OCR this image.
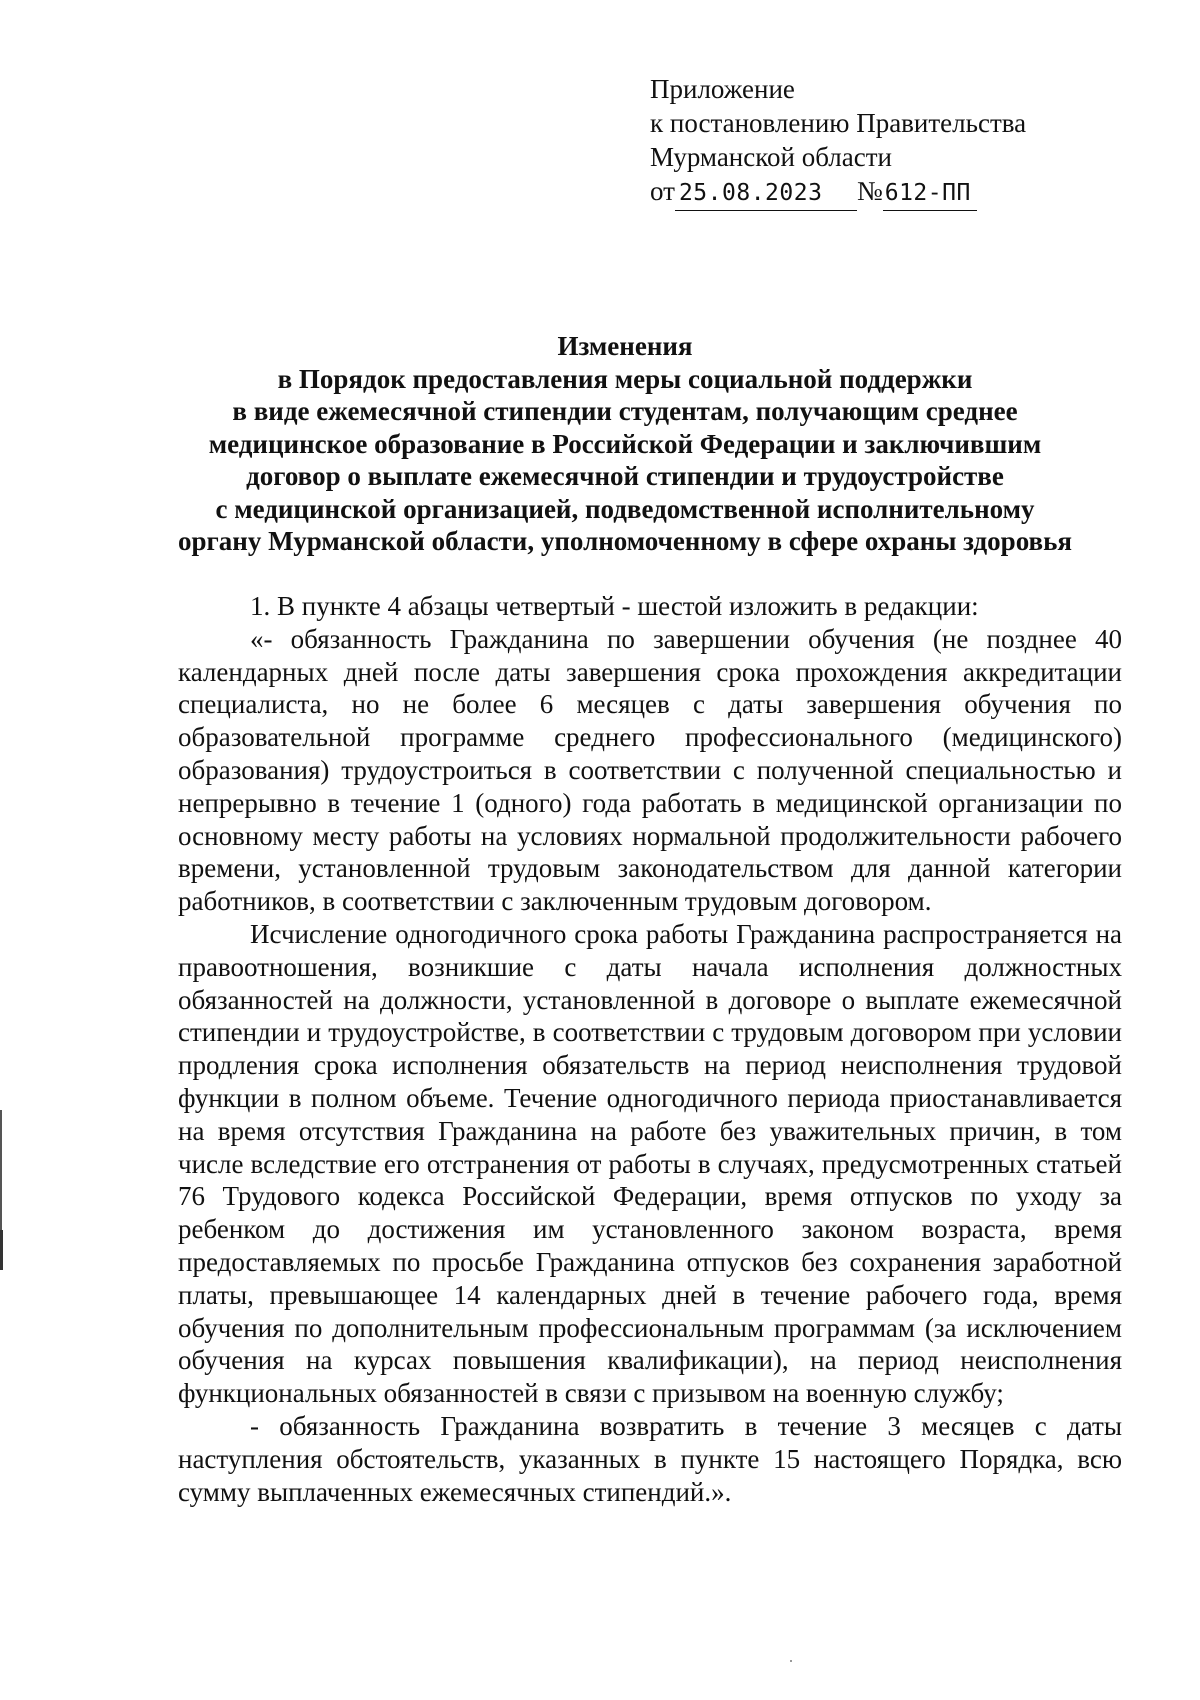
Приложение
к постановлению Правительства
Мурманской области
от 25.08.2023 №612-ПП
Изменения
в Порядок предоставления меры социальной поддержки
в виде ежемесячной стипендии студентам, получающим среднее
медицинское образование в Российской Федерации и заключившим
договор о выплате ежемесячной стипендии и трудоустройстве
с медицинской организацией, подведомственной исполнительному
органу Мурманской области, уполномоченному в сфере охраны здоровья

1. В пункте 4 абзацы четвертый - шестой изложить в редакции:

«- обязанность Гражданина по завершении обучения (не позднее 40 календарных дней после даты завершения срока прохождения аккредитации специалиста, но не более 6 месяцев с даты завершения обучения по образовательной программе среднего профессионального (медицинского) образования) трудоустроиться в соответствии с полученной специальностью и непрерывно в течение 1 (одного) года работать в медицинской организации по основному месту работы на условиях нормальной продолжительности рабочего времени, установленной трудовым законодательством для данной категории работников, в соответствии с заключенным трудовым договором.

Исчисление одногодичного срока работы Гражданина распространяется на правоотношения, возникшие с даты начала исполнения должностных обязанностей на должности, установленной в договоре о выплате ежемесячной стипендии и трудоустройстве, в соответствии с трудовым договором при условии продления срока исполнения обязательств на период неисполнения трудовой функции в полном объеме. Течение одногодичного периода приостанавливается на время отсутствия Гражданина на работе без уважительных причин, в том числе вследствие его отстранения от работы в случаях, предусмотренных статьей 76 Трудового кодекса Российской Федерации, время отпусков по уходу за ребенком до достижения им установленного законом возраста, время предоставляемых по просьбе Гражданина отпусков без сохранения заработной платы, превышающее 14 календарных дней в течение рабочего года, время обучения по дополнительным профессиональным программам (за исключением обучения на курсах повышения квалификации), на период неисполнения функциональных обязанностей в связи с призывом на военную службу;

- обязанность Гражданина возвратить в течение 3 месяцев с даты наступления обстоятельств, указанных в пункте 15 настоящего Порядка, всю сумму выплаченных ежемесячных стипендий.».
